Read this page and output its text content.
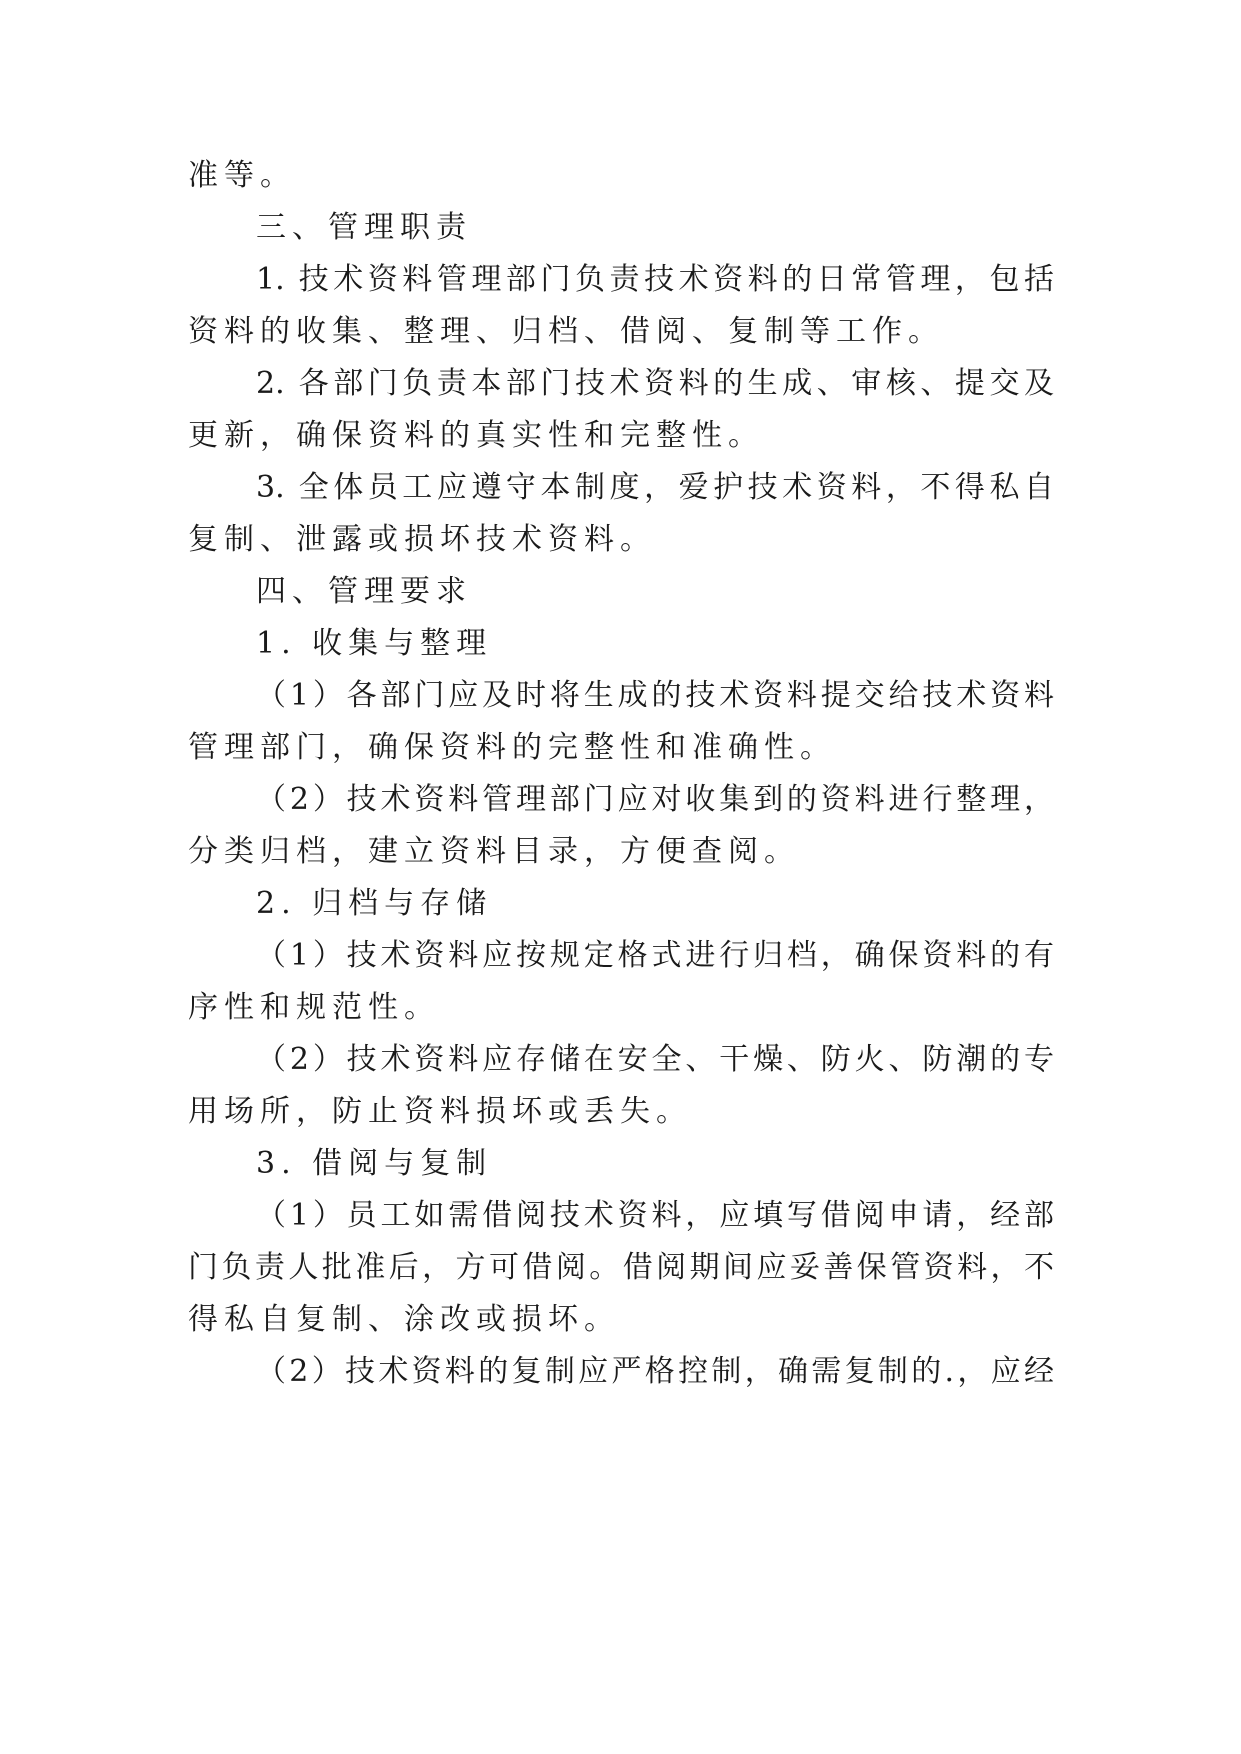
准等。
三、管理职责
1. 技术资料管理部门负责技术资料的日常管理，包括
资料的收集、整理、归档、借阅、复制等工作。
2. 各部门负责本部门技术资料的生成、审核、提交及
更新，确保资料的真实性和完整性。
3. 全体员工应遵守本制度，爱护技术资料，不得私自
复制、泄露或损坏技术资料。
四、管理要求
1. 收集与整理
（1）各部门应及时将生成的技术资料提交给技术资料
管理部门，确保资料的完整性和准确性。
（2）技术资料管理部门应对收集到的资料进行整理，
分类归档，建立资料目录，方便查阅。
2. 归档与存储
（1）技术资料应按规定格式进行归档，确保资料的有
序性和规范性。
（2）技术资料应存储在安全、干燥、防火、防潮的专
用场所，防止资料损坏或丢失。
3. 借阅与复制
（1）员工如需借阅技术资料，应填写借阅申请，经部
门负责人批准后，方可借阅。借阅期间应妥善保管资料，不
得私自复制、涂改或损坏。
（2）技术资料的复制应严格控制，确需复制的.，应经
